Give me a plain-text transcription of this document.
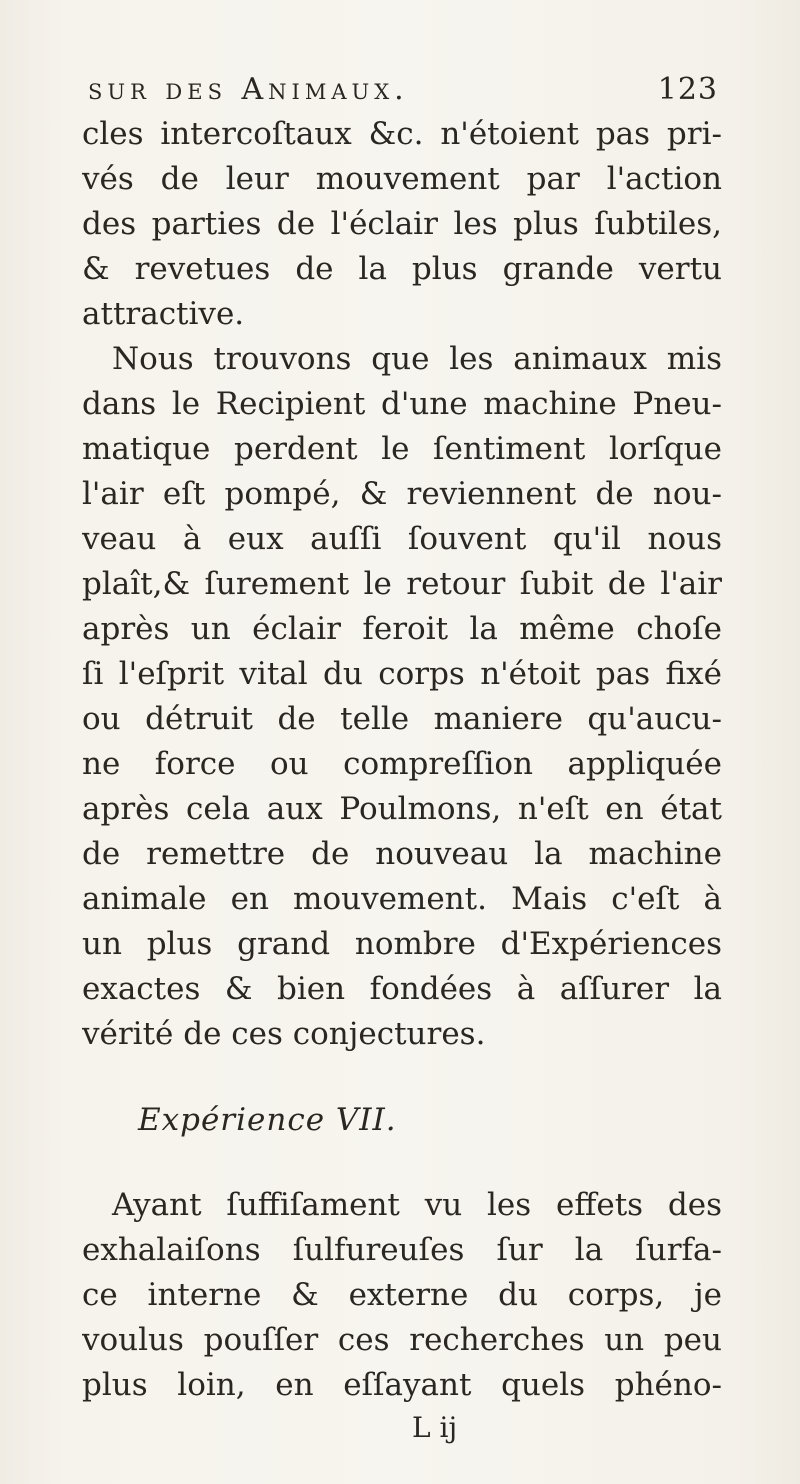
sur des Animaux.	123

cles intercoſtaux &c. n'étoient pas pri-
vés de leur mouvement par l'action
des parties de l'éclair les plus ſubtiles,
& revetues de la plus grande vertu
attractive.

Nous trouvons que les animaux mis
dans le Recipient d'une machine Pneu-
matique perdent le ſentiment lorſque
l'air eſt pompé, & reviennent de nou-
veau à eux auſſi ſouvent qu'il nous
plaît,& ſurement le retour ſubit de l'air
après un éclair feroit la même choſe
ſi l'eſprit vital du corps n'étoit pas fixé
ou détruit de telle maniere qu'aucu-
ne force ou compreſſion appliquée
après cela aux Poulmons, n'eſt en état
de remettre de nouveau la machine
animale en mouvement. Mais c'eſt à
un plus grand nombre d'Expériences
exactes & bien fondées à aſſurer la
vérité de ces conjectures.

Expérience VII.

Ayant ſuffiſament vu les effets des
exhalaiſons ſulfureuſes ſur la ſurfa-
ce interne & externe du corps, je
voulus pouſſer ces recherches un peu
plus loin, en eſſayant quels phéno-

L ij
